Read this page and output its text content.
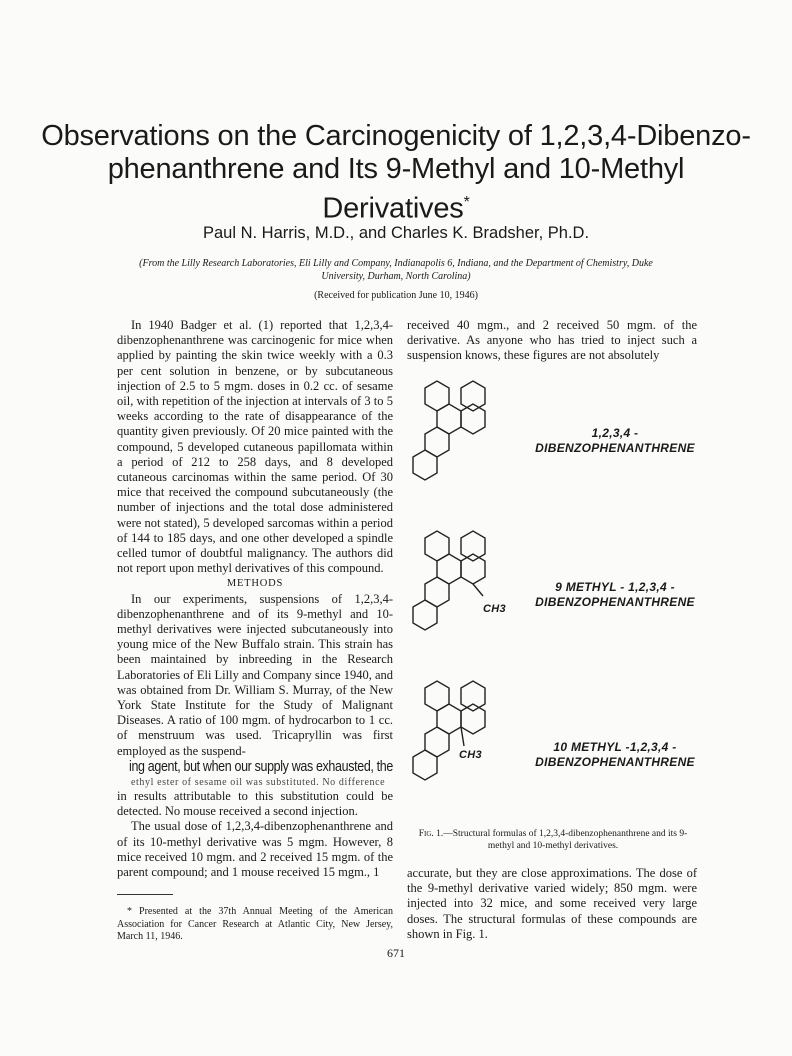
Observations on the Carcinogenicity of 1,2,3,4-Dibenzo-phenanthrene and Its 9-Methyl and 10-Methyl Derivatives*
Paul N. Harris, M.D., and Charles K. Bradsher, Ph.D.
(From the Lilly Research Laboratories, Eli Lilly and Company, Indianapolis 6, Indiana, and the Department of Chemistry, Duke University, Durham, North Carolina)
(Received for publication June 10, 1946)

In 1940 Badger et al. (1) reported that 1,2,3,4-dibenzophenanthrene was carcinogenic for mice when applied by painting the skin twice weekly with a 0.3 per cent solution in benzene, or by subcutaneous injection of 2.5 to 5 mgm. doses in 0.2 cc. of sesame oil, with repetition of the injection at intervals of 3 to 5 weeks according to the rate of disappearance of the quantity given previously. Of 20 mice painted with the compound, 5 developed cutaneous papillomata within a period of 212 to 258 days, and 8 developed cutaneous carcinomas within the same period. Of 30 mice that received the compound subcutaneously (the number of injections and the total dose administered were not stated), 5 developed sarcomas within a period of 144 to 185 days, and one other developed a spindle celled tumor of doubtful malignancy. The authors did not report upon methyl derivatives of this compound.

METHODS

In our experiments, suspensions of 1,2,3,4-dibenzophenanthrene and of its 9-methyl and 10-methyl derivatives were injected subcutaneously into young mice of the New Buffalo strain. This strain has been maintained by inbreeding in the Research Laboratories of Eli Lilly and Company since 1940, and was obtained from Dr. William S. Murray, of the New York State Institute for the Study of Malignant Diseases. A ratio of 100 mgm. of hydrocarbon to 1 cc. of menstruum was used. Tricapryllin was first employed as the suspend-
ing agent, but when our supply was exhausted, the
ethyl ester of sesame oil was substituted. No difference
in results attributable to this substitution could be detected. No mouse received a second injection.

The usual dose of 1,2,3,4-dibenzophenanthrene and of its 10-methyl derivative was 5 mgm. However, 8 mice received 10 mgm. and 2 received 15 mgm. of the parent compound; and 1 mouse received 15 mgm., 1

received 40 mgm., and 2 received 50 mgm. of the derivative. As anyone who has tried to inject such a suspension knows, these figures are not absolutely

1,2,3,4 -
DIBENZOPHENANTHRENE
9 METHYL - 1,2,3,4 -
DIBENZOPHENANTHRENE
10 METHYL -1,2,3,4 -
DIBENZOPHENANTHRENE
CH3
CH3
Fig. 1.—Structural formulas of 1,2,3,4-dibenzophenanthrene and its 9-methyl and 10-methyl derivatives.

accurate, but they are close approximations. The dose of the 9-methyl derivative varied widely; 850 mgm. were injected into 32 mice, and some received very large doses. The structural formulas of these compounds are shown in Fig. 1.

* Presented at the 37th Annual Meeting of the American Association for Cancer Research at Atlantic City, New Jersey, March 11, 1946.

671
